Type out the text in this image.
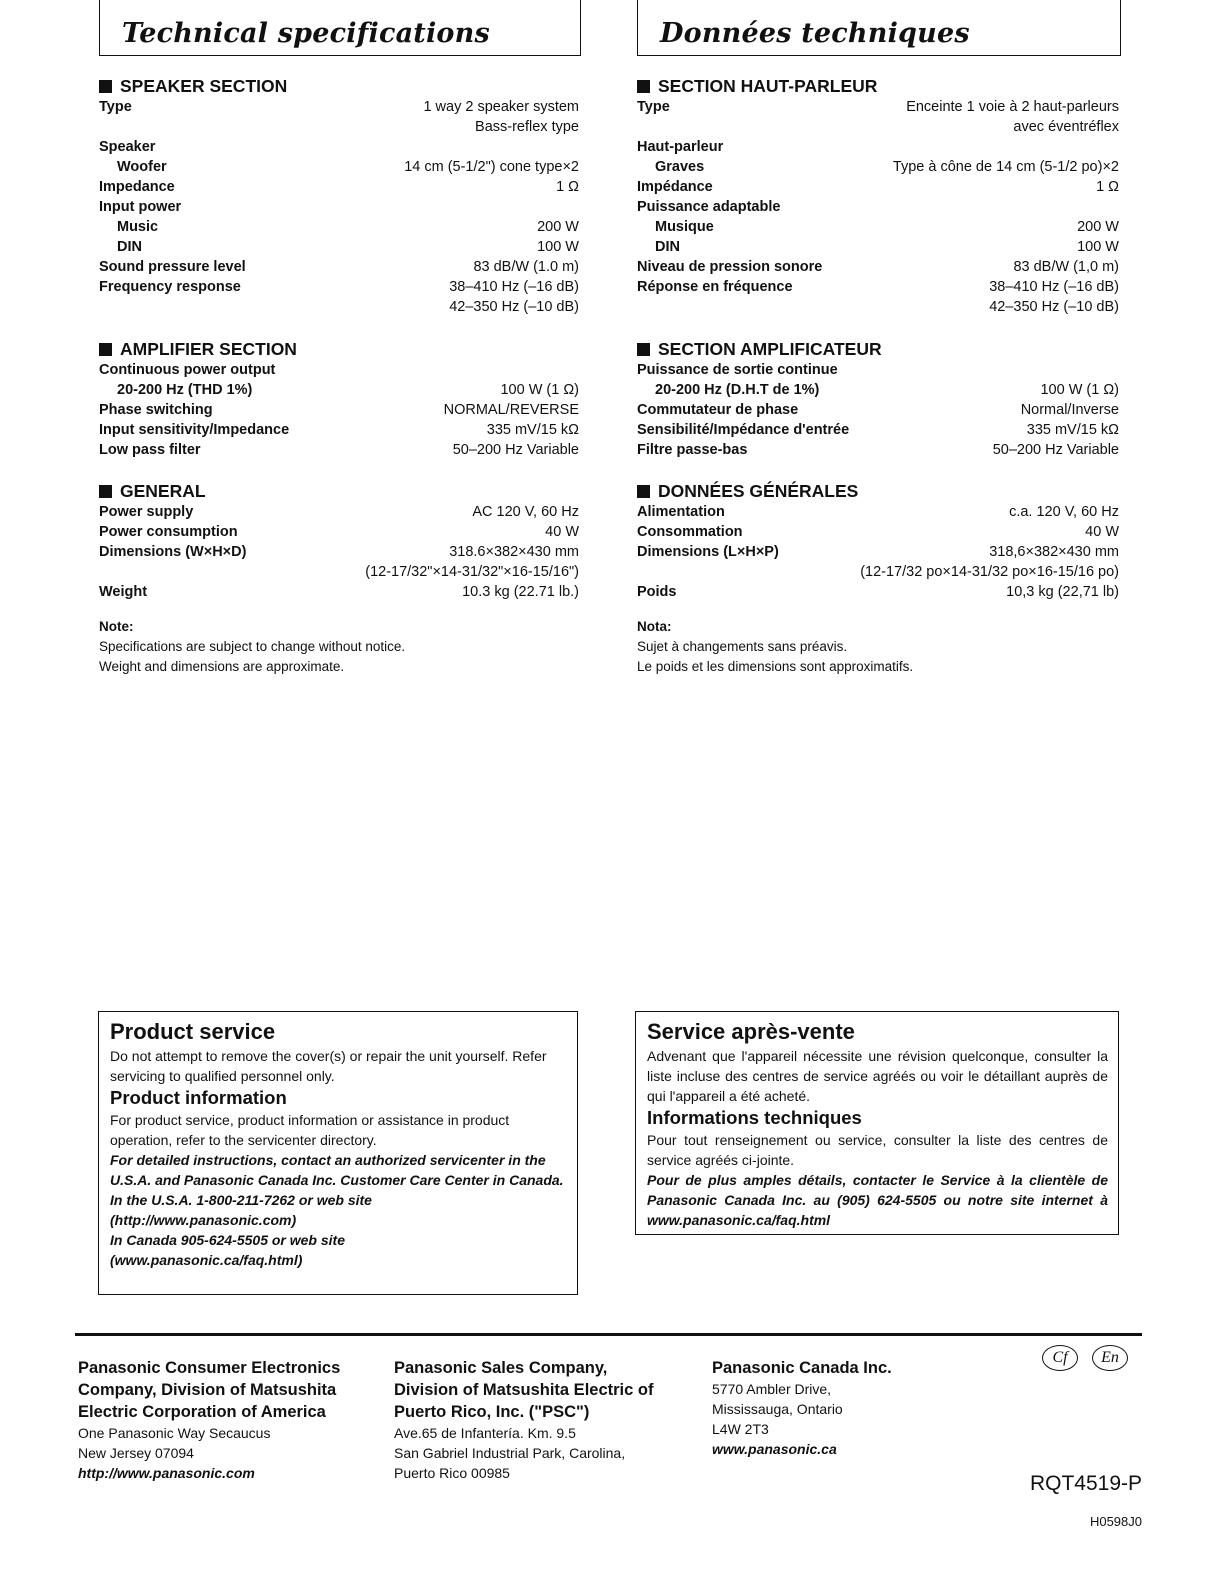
Technical specifications
SPEAKER SECTION
Type	1 way 2 speaker system
Bass-reflex type
Speaker
Woofer	14 cm (5-1/2") cone type×2
Impedance	1 Ω
Input power
Music	200 W
DIN	100 W
Sound pressure level	83 dB/W (1.0 m)
Frequency response	38–410 Hz (–16 dB)
42–350 Hz (–10 dB)
AMPLIFIER SECTION
Continuous power output
20-200 Hz (THD 1%)	100 W (1 Ω)
Phase switching	NORMAL/REVERSE
Input sensitivity/Impedance	335 mV/15 kΩ
Low pass filter	50–200 Hz Variable
GENERAL
Power supply	AC 120 V, 60 Hz
Power consumption	40 W
Dimensions (W×H×D)	318.6×382×430 mm
(12-17/32"×14-31/32"×16-15/16")
Weight	10.3 kg (22.71 lb.)
Note:
Specifications are subject to change without notice.
Weight and dimensions are approximate.
Données techniques
SECTION HAUT-PARLEUR
Type	Enceinte 1 voie à 2 haut-parleurs
avec éventréflex
Haut-parleur
Graves	Type à cône de 14 cm (5-1/2 po)×2
Impédance	1 Ω
Puissance adaptable
Musique	200 W
DIN	100 W
Niveau de pression sonore	83 dB/W (1,0 m)
Réponse en fréquence	38–410 Hz (–16 dB)
42–350 Hz (–10 dB)
SECTION AMPLIFICATEUR
Puissance de sortie continue
20-200 Hz (D.H.T de 1%)	100 W (1 Ω)
Commutateur de phase	Normal/Inverse
Sensibilité/Impédance d'entrée	335 mV/15 kΩ
Filtre passe-bas	50–200 Hz Variable
DONNÉES GÉNÉRALES
Alimentation	c.a. 120 V, 60 Hz
Consommation	40 W
Dimensions (L×H×P)	318,6×382×430 mm
(12-17/32 po×14-31/32 po×16-15/16 po)
Poids	10,3 kg (22,71 lb)
Nota:
Sujet à changements sans préavis.
Le poids et les dimensions sont approximatifs.
Product service

Do not attempt to remove the cover(s) or repair the unit yourself. Refer servicing to qualified personnel only.

Product information

For product service, product information or assistance in product operation, refer to the servicenter directory.

For detailed instructions, contact an authorized servicenter in the U.S.A. and Panasonic Canada Inc. Customer Care Center in Canada.

In the U.S.A. 1-800-211-7262 or web site

(http://www.panasonic.com)

In Canada 905-624-5505 or web site

(www.panasonic.ca/faq.html)

Service après-vente

Advenant que l'appareil nécessite une révision quelconque, consulter la liste incluse des centres de service agréés ou voir le détaillant auprès de qui l'appareil a été acheté.

Informations techniques

Pour tout renseignement ou service, consulter la liste des centres de service agréés ci-jointe.

Pour de plus amples détails, contacter le Service à la clientèle de Panasonic Canada Inc. au (905) 624-5505 ou notre site internet à www.panasonic.ca/faq.html

Panasonic Consumer Electronics
Company, Division of Matsushita
Electric Corporation of America
One Panasonic Way Secaucus
New Jersey 07094
http://www.panasonic.com
Panasonic Sales Company,
Division of Matsushita Electric of
Puerto Rico, Inc. ("PSC")
Ave.65 de Infantería. Km. 9.5
San Gabriel Industrial Park, Carolina,
Puerto Rico 00985
Panasonic Canada Inc.
5770 Ambler Drive,
Mississauga, Ontario
L4W 2T3
www.panasonic.ca
Cf	En
RQT4519-P
H0598J0
